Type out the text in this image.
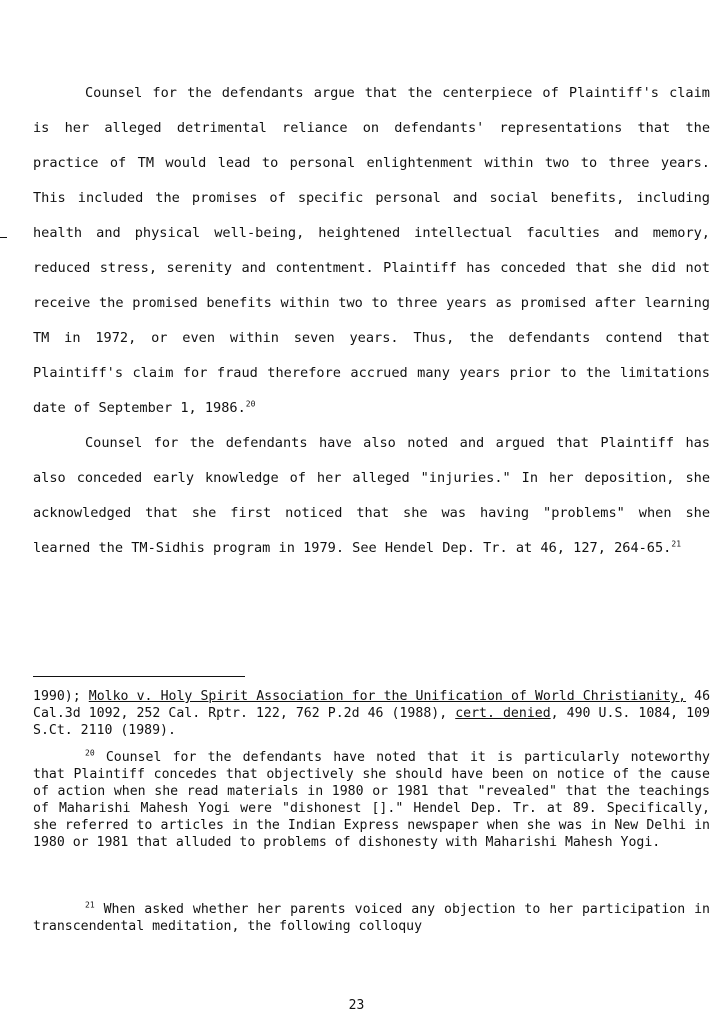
Counsel for the defendants argue that the centerpiece of Plaintiff's claim is her alleged detrimental reliance on defendants' representations that the practice of TM would lead to personal enlightenment within two to three years. This included the promises of specific personal and social benefits, including health and physical well-being, heightened intellectual faculties and memory, reduced stress, serenity and contentment. Plaintiff has conceded that she did not receive the promised benefits within two to three years as promised after learning TM in 1972, or even within seven years. Thus, the defendants contend that Plaintiff's claim for fraud therefore accrued many years prior to the limitations date of September 1, 1986.20

Counsel for the defendants have also noted and argued that Plaintiff has also conceded early knowledge of her alleged "injuries." In her deposition, she acknowledged that she first noticed that she was having "problems" when she learned the TM-Sidhis program in 1979. See Hendel Dep. Tr. at 46, 127, 264-65.21

1990); Molko v. Holy Spirit Association for the Unification of World Christianity, 46 Cal.3d 1092, 252 Cal. Rptr. 122, 762 P.2d 46 (1988), cert. denied, 490 U.S. 1084, 109 S.Ct. 2110 (1989).

$^{20}$ Counsel for the defendants have noted that it is particularly noteworthy that Plaintiff concedes that objectively she should have been on notice of the cause of action when she read materials in 1980 or 1981 that "revealed" that the teachings of Maharishi Mahesh Yogi were "dishonest []." Hendel Dep. Tr. at 89. Specifically, she referred to articles in the Indian Express newspaper when she was in New Delhi in 1980 or 1981 that alluded to problems of dishonesty with Maharishi Mahesh Yogi.

$^{21}$ When asked whether her parents voiced any objection to her participation in transcendental meditation, the following colloquy

23
